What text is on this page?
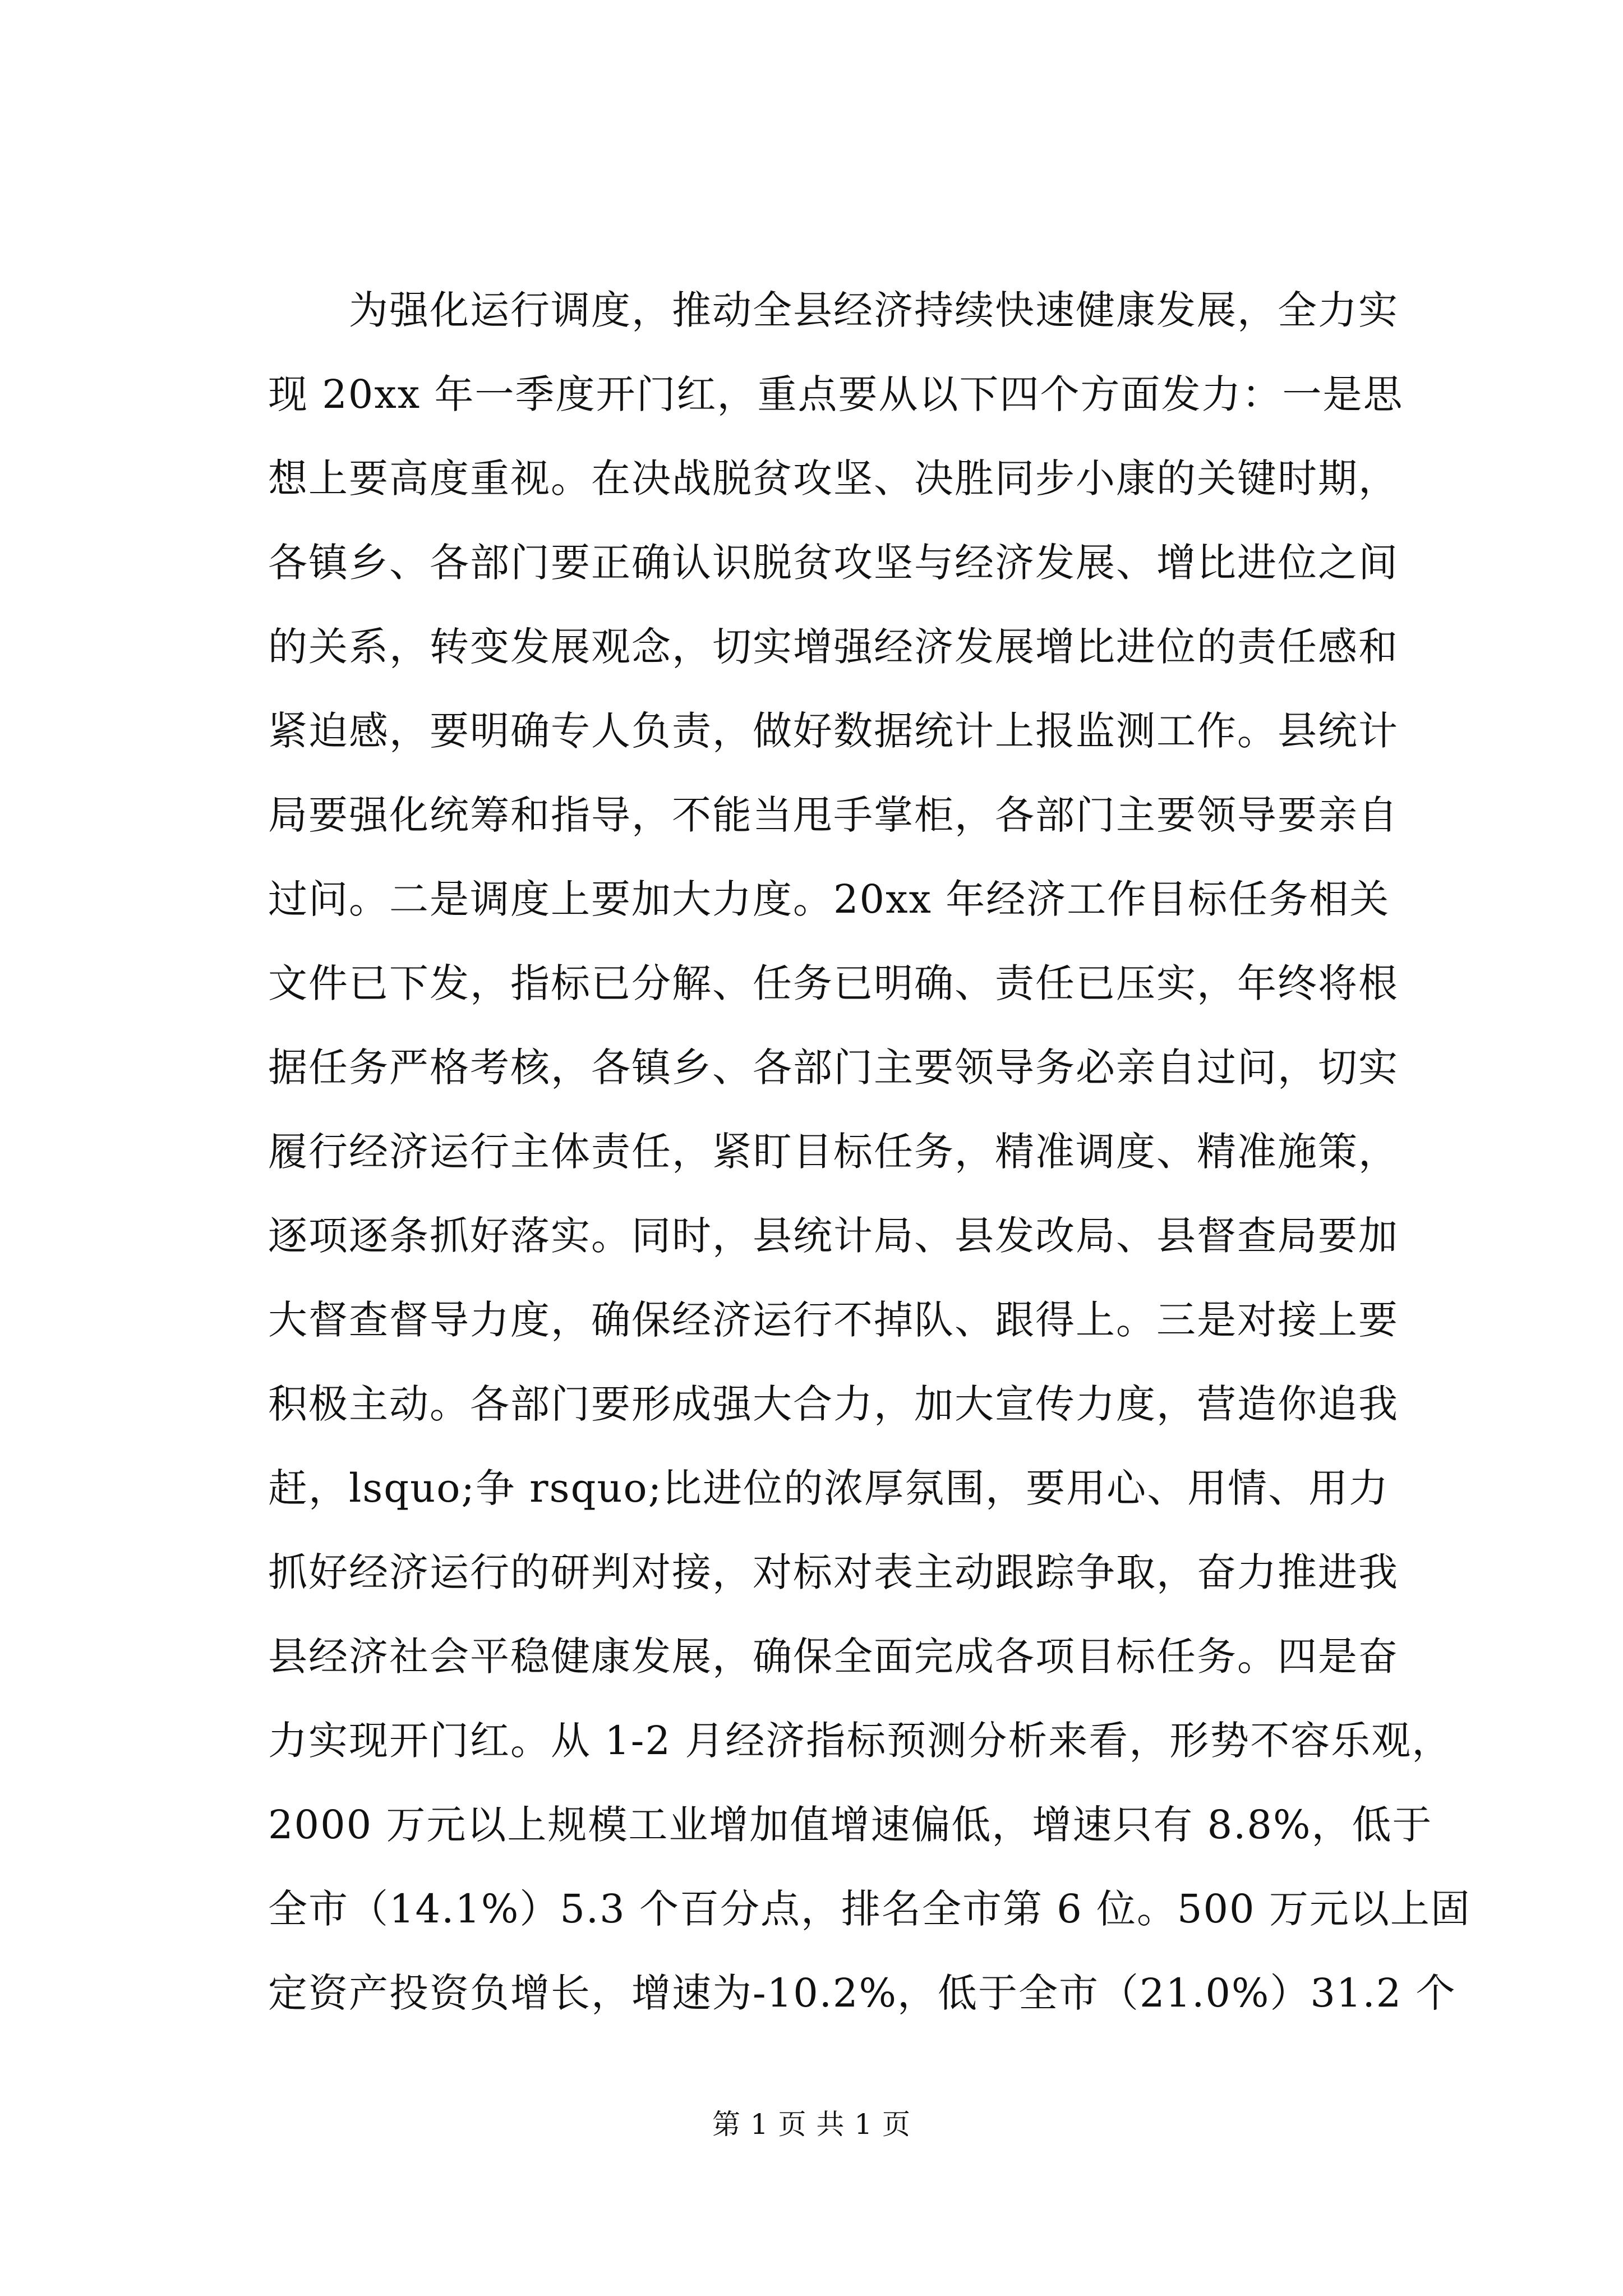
　　为强化运行调度，推动全县经济持续快速健康发展，全力实
现 20xx 年一季度开门红，重点要从以下四个方面发力：一是思
想上要高度重视。在决战脱贫攻坚、决胜同步小康的关键时期，
各镇乡、各部门要正确认识脱贫攻坚与经济发展、增比进位之间
的关系，转变发展观念，切实增强经济发展增比进位的责任感和
紧迫感，要明确专人负责，做好数据统计上报监测工作。县统计
局要强化统筹和指导，不能当甩手掌柜，各部门主要领导要亲自
过问。二是调度上要加大力度。20xx 年经济工作目标任务相关
文件已下发，指标已分解、任务已明确、责任已压实，年终将根
据任务严格考核，各镇乡、各部门主要领导务必亲自过问，切实
履行经济运行主体责任，紧盯目标任务，精准调度、精准施策，
逐项逐条抓好落实。同时，县统计局、县发改局、县督查局要加
大督查督导力度，确保经济运行不掉队、跟得上。三是对接上要
积极主动。各部门要形成强大合力，加大宣传力度，营造你追我
赶，lsquo;争 rsquo;比进位的浓厚氛围，要用心、用情、用力
抓好经济运行的研判对接，对标对表主动跟踪争取，奋力推进我
县经济社会平稳健康发展，确保全面完成各项目标任务。四是奋
力实现开门红。从 1-2 月经济指标预测分析来看，形势不容乐观，
2000 万元以上规模工业增加值增速偏低，增速只有 8.8%，低于
全市（14.1%）5.3 个百分点，排名全市第 6 位。500 万元以上固
定资产投资负增长，增速为-10.2%，低于全市（21.0%）31.2 个
第 1 页 共 1 页
